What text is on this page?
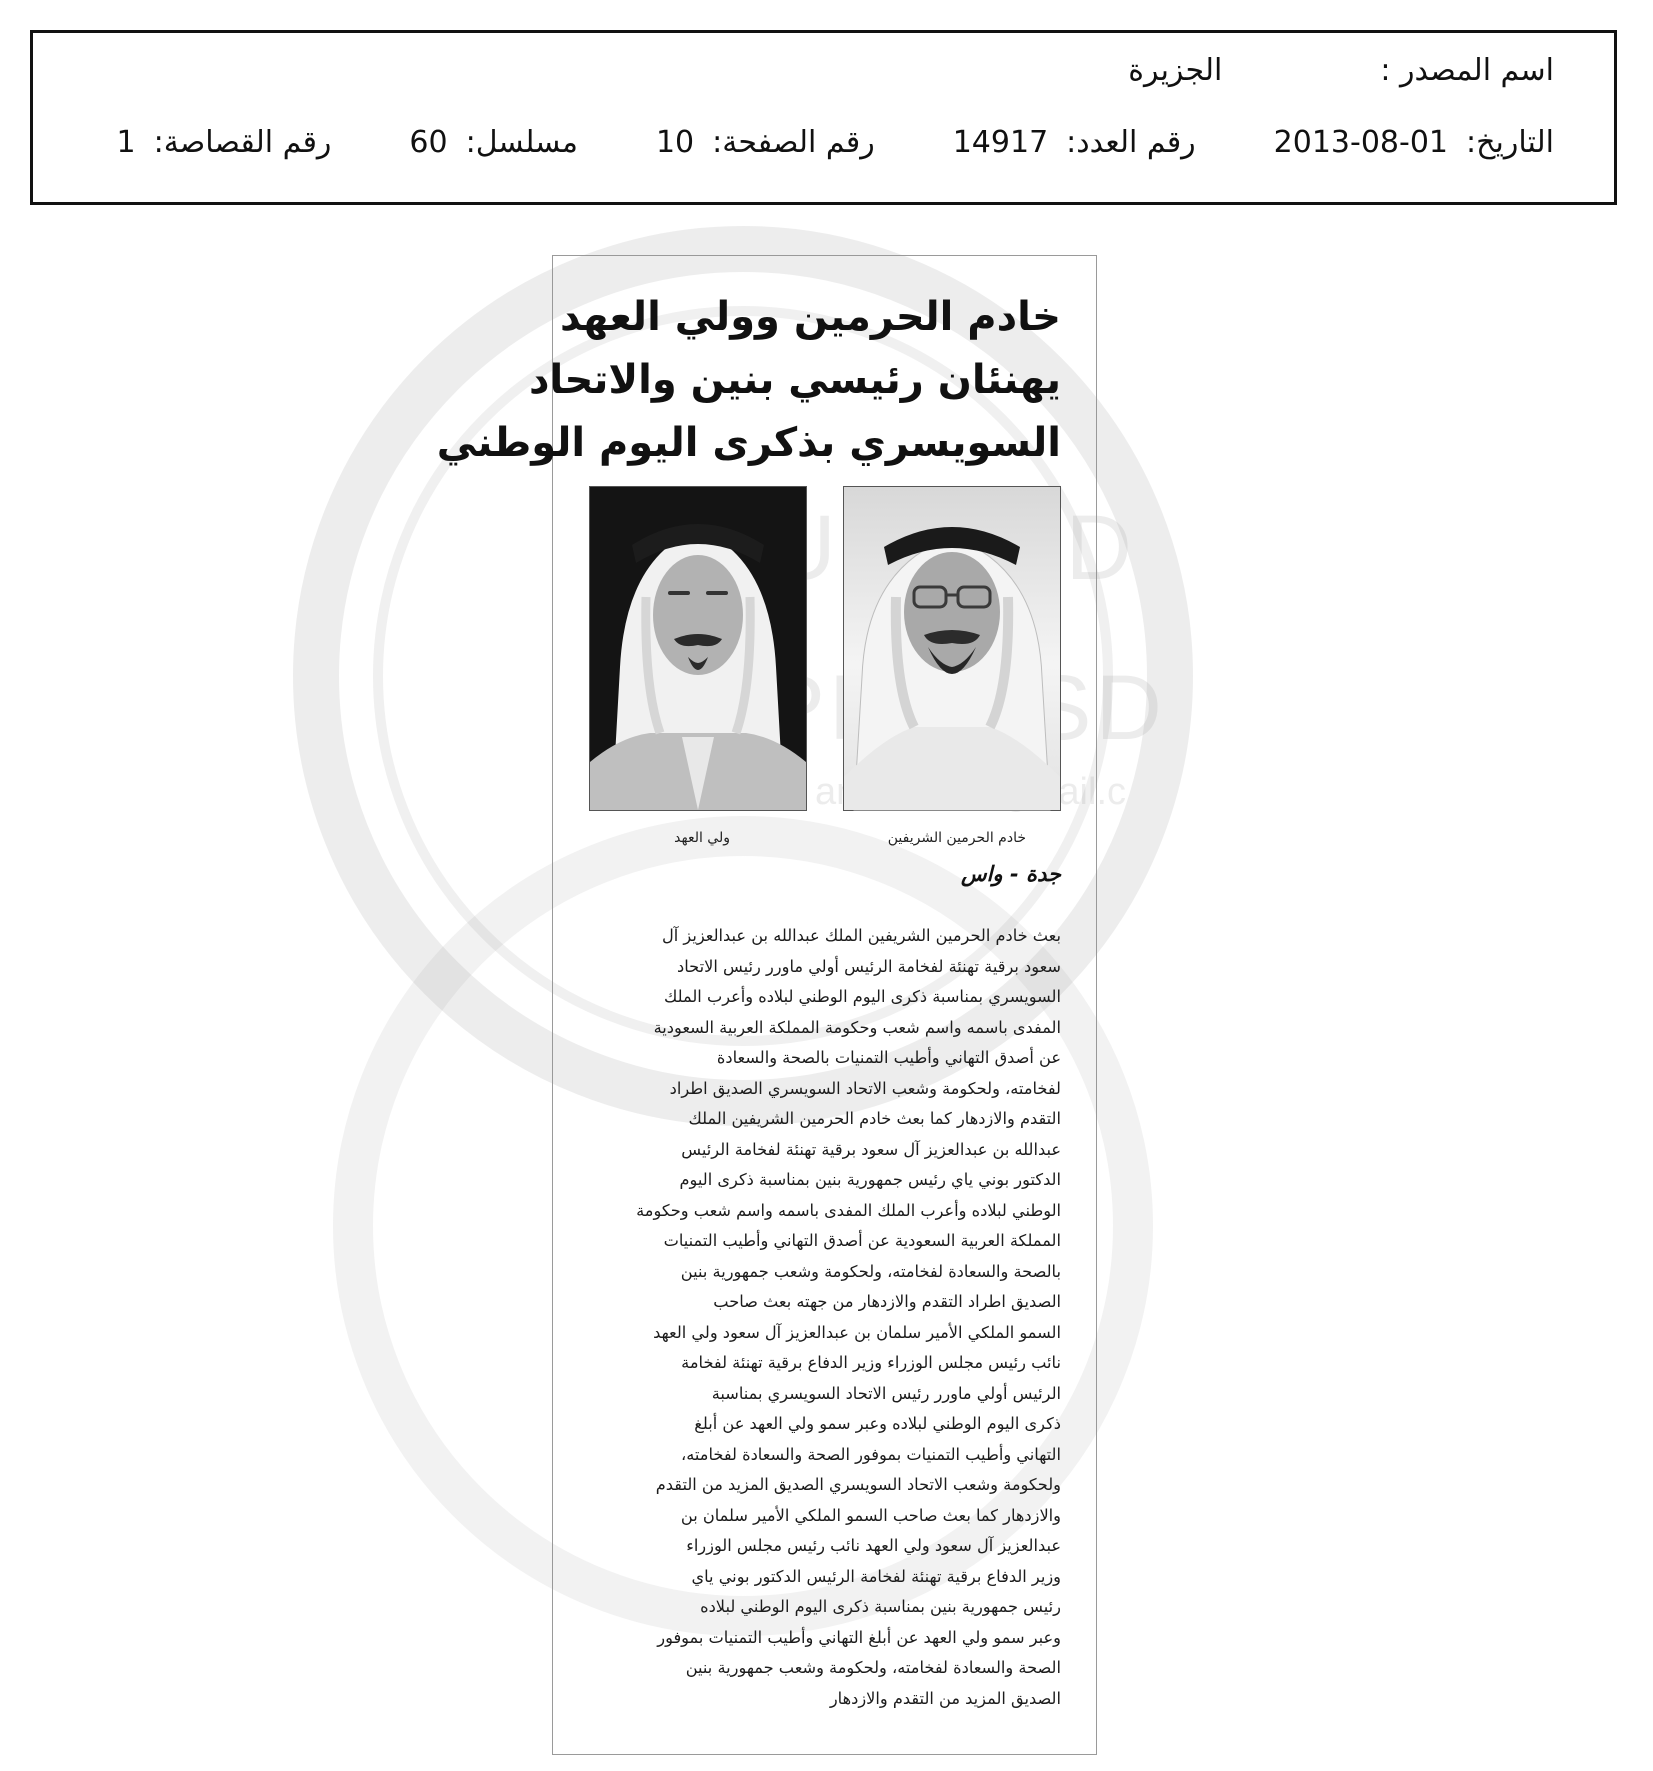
اسم المصدر :
الجزيرة
التاريخ:
2013-08-01
رقم العدد:
14917
رقم الصفحة:
10
مسلسل:
60
رقم القصاصة:
1
خادم الحرمين وولي العهد
يهنئان رئيسي بنين والاتحاد
السويسري بذكرى اليوم الوطني
خادم الحرمين الشريفين
ولي العهد
جدة - واس
بعث خادم الحرمين الشريفين الملك عبدالله بن عبدالعزيز آل
سعود برقية تهنئة لفخامة الرئيس أولي ماورر رئيس الاتحاد
السويسري بمناسبة ذكرى اليوم الوطني لبلاده وأعرب الملك
المفدى باسمه واسم شعب وحكومة المملكة العربية السعودية
عن أصدق التهاني وأطيب التمنيات بالصحة والسعادة
لفخامته، ولحكومة وشعب الاتحاد السويسري الصديق اطراد
التقدم والازدهار كما بعث خادم الحرمين الشريفين الملك
عبدالله بن عبدالعزيز آل سعود برقية تهنئة لفخامة الرئيس
الدكتور بوني ياي رئيس جمهورية بنين بمناسبة ذكرى اليوم
الوطني لبلاده وأعرب الملك المفدى باسمه واسم شعب وحكومة
المملكة العربية السعودية عن أصدق التهاني وأطيب التمنيات
بالصحة والسعادة لفخامته، ولحكومة وشعب جمهورية بنين
الصديق اطراد التقدم والازدهار من جهته بعث صاحب
السمو الملكي الأمير سلمان بن عبدالعزيز آل سعود ولي العهد
نائب رئيس مجلس الوزراء وزير الدفاع برقية تهنئة لفخامة
الرئيس أولي ماورر رئيس الاتحاد السويسري بمناسبة
ذكرى اليوم الوطني لبلاده وعبر سمو ولي العهد عن أبلغ
التهاني وأطيب التمنيات بموفور الصحة والسعادة لفخامته،
ولحكومة وشعب الاتحاد السويسري الصديق المزيد من التقدم
والازدهار كما بعث صاحب السمو الملكي الأمير سلمان بن
عبدالعزيز آل سعود ولي العهد نائب رئيس مجلس الوزراء
وزير الدفاع برقية تهنئة لفخامة الرئيس الدكتور بوني ياي
رئيس جمهورية بنين بمناسبة ذكرى اليوم الوطني لبلاده
وعبر سمو ولي العهد عن أبلغ التهاني وأطيب التمنيات بموفور
الصحة والسعادة لفخامته، ولحكومة وشعب جمهورية بنين
الصديق المزيد من التقدم والازدهار
